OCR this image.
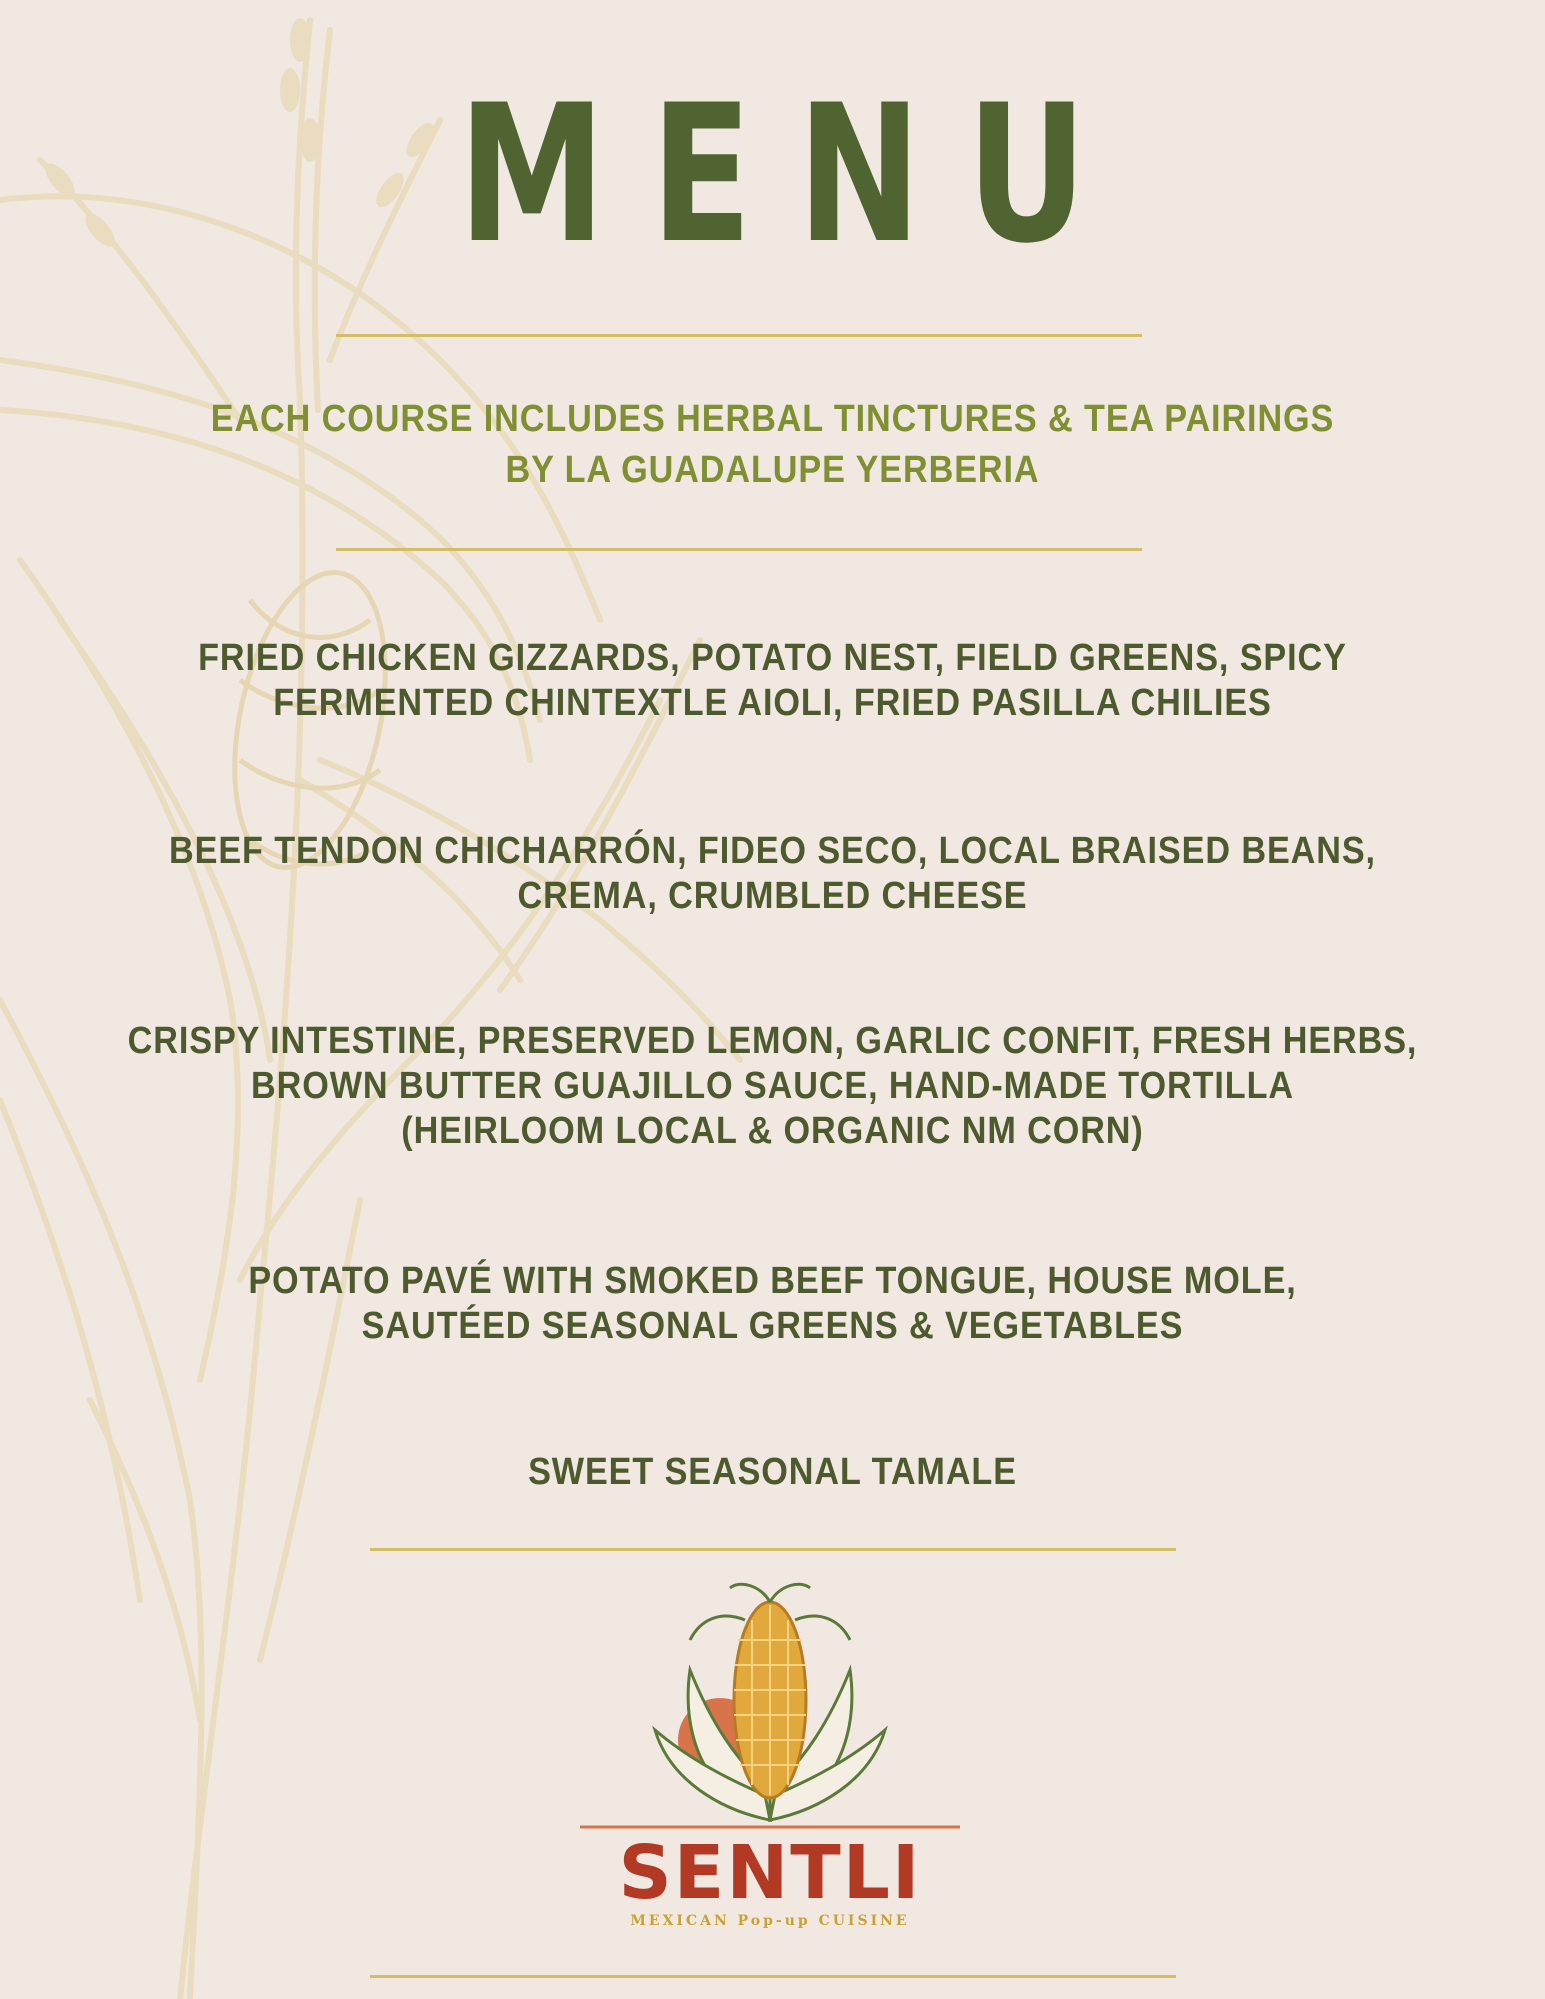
MENU
EACH COURSE INCLUDES HERBAL TINCTURES & TEA PAIRINGS
BY LA GUADALUPE YERBERIA
FRIED CHICKEN GIZZARDS, POTATO NEST, FIELD GREENS, SPICY
FERMENTED CHINTEXTLE AIOLI, FRIED PASILLA CHILIES
BEEF TENDON CHICHARRÓN, FIDEO SECO, LOCAL BRAISED BEANS,
CREMA, CRUMBLED CHEESE
CRISPY INTESTINE, PRESERVED LEMON, GARLIC CONFIT, FRESH HERBS,
BROWN BUTTER GUAJILLO SAUCE, HAND-MADE TORTILLA
(HEIRLOOM LOCAL & ORGANIC NM CORN)
POTATO PAVÉ WITH SMOKED BEEF TONGUE, HOUSE MOLE,
SAUTÉED SEASONAL GREENS & VEGETABLES
SWEET SEASONAL TAMALE
SENTLI
MEXICAN Pop-up CUISINE
